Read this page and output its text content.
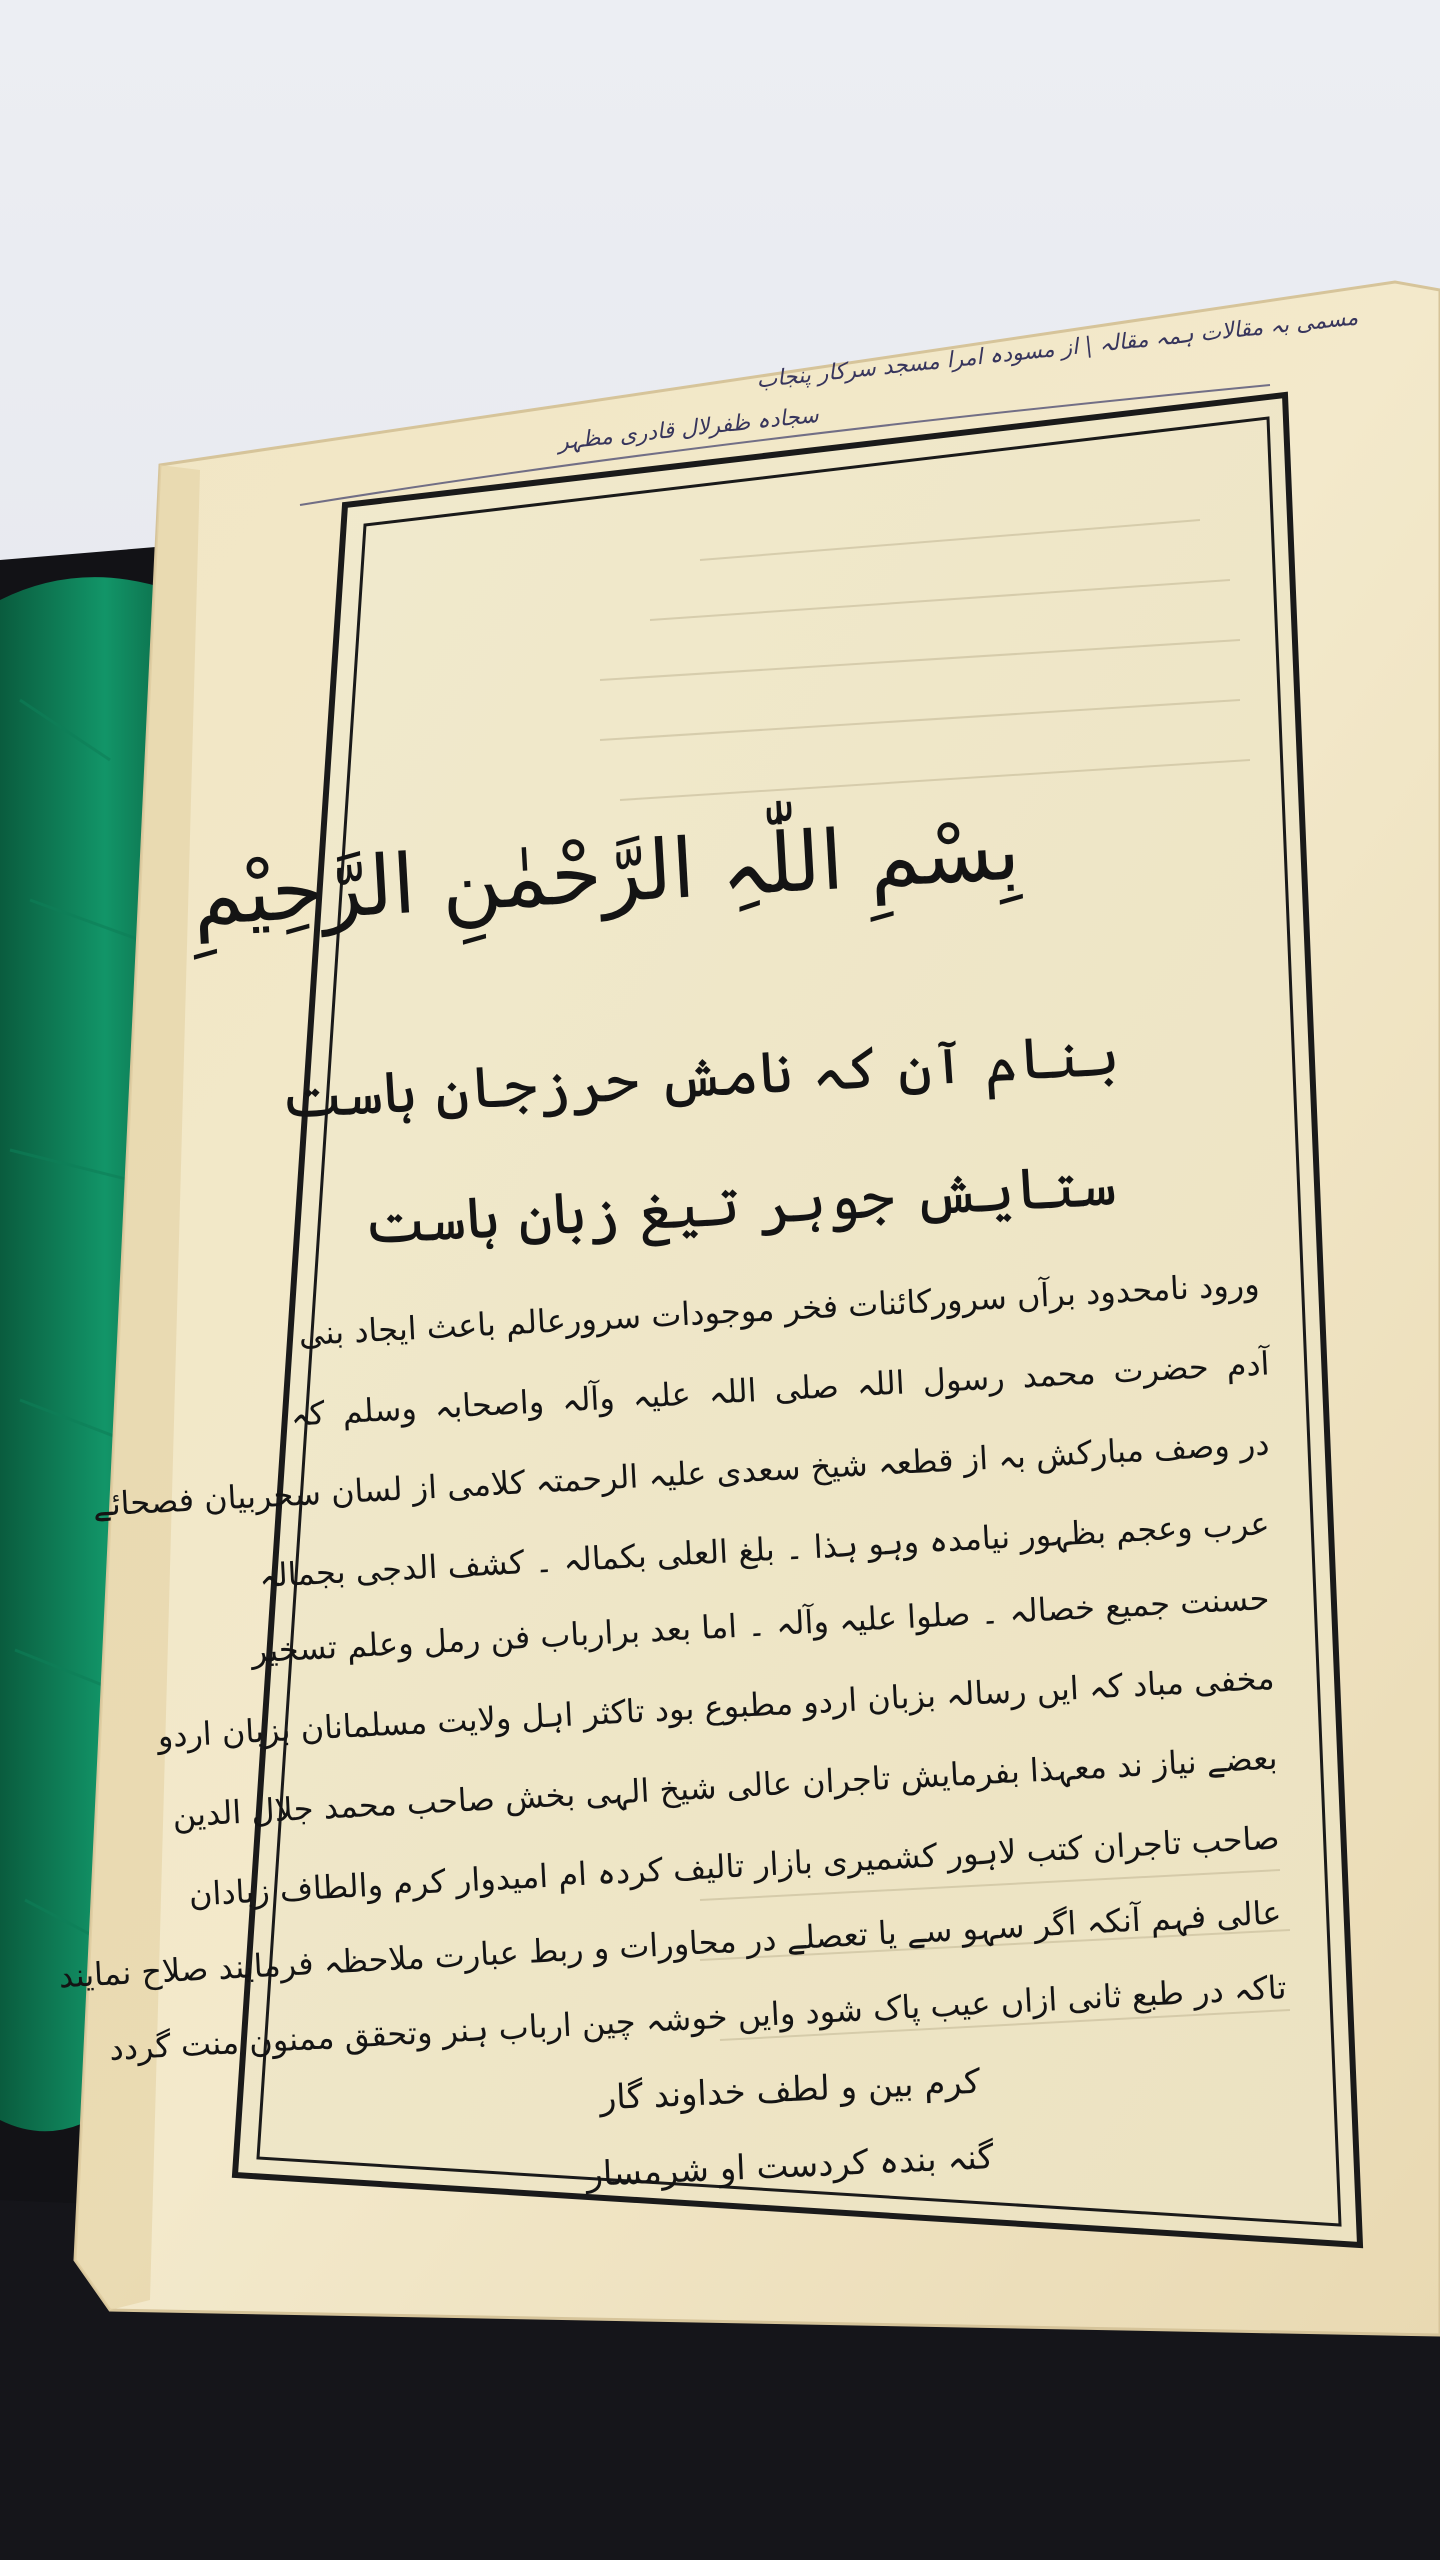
مسمی بہ مقالات ہمہ مقالہ | از مسودہ امرا مسجد سرکار پنجاب
سجادہ ظفرلال قادری مظہر
بِسْمِ اللّٰہِ الرَّحْمٰنِ الرَّحِیْمِ
بنام آن کہ نامش حرزجان ہاست
ستایش جوہر تیغ زبان ہاست
ورود نامحدود برآں سرورکائنات فخر موجودات سرورعالم باعث ایجاد بنی
آدم حضرت محمد رسول اللہ صلی اللہ علیہ وآلہ واصحابہ وسلم کہ
در وصف مبارکش بہ از قطعہ شیخ سعدی علیہ الرحمتہ کلامی از لسان سحربیان فصحائے
عرب وعجم بظہور نیامدہ وہو ہذا ۔ بلغ العلی بکمالہ ۔ کشف الدجی بجمالہ
حسنت جمیع خصالہ ۔ صلوا علیہ وآلہ ۔ اما بعد برارباب فن رمل وعلم تسخیر
مخفی مباد کہ ایں رسالہ بزبان اردو مطبوع بود تاکثر اہل ولایت مسلمانان بزبان اردو
بعضے نیاز ند معہذا بفرمایش تاجران عالی شیخ الہی بخش صاحب محمد جلال الدین
صاحب تاجران کتب لاہور کشمیری بازار تالیف کردہ ام امیدوار کرم والطاف زبادان
عالی فہم آنکہ اگر سہو سے یا تعصلے در محاورات و ربط عبارت ملاحظہ فرمایند صلاح نمایند
تاکہ در طبع ثانی ازاں عیب پاک شود وایں خوشہ چین ارباب ہنر وتحقق ممنون منت گردد
کرم بین و لطف خداوند گار
گنہ بندہ کردست او شرمسار
